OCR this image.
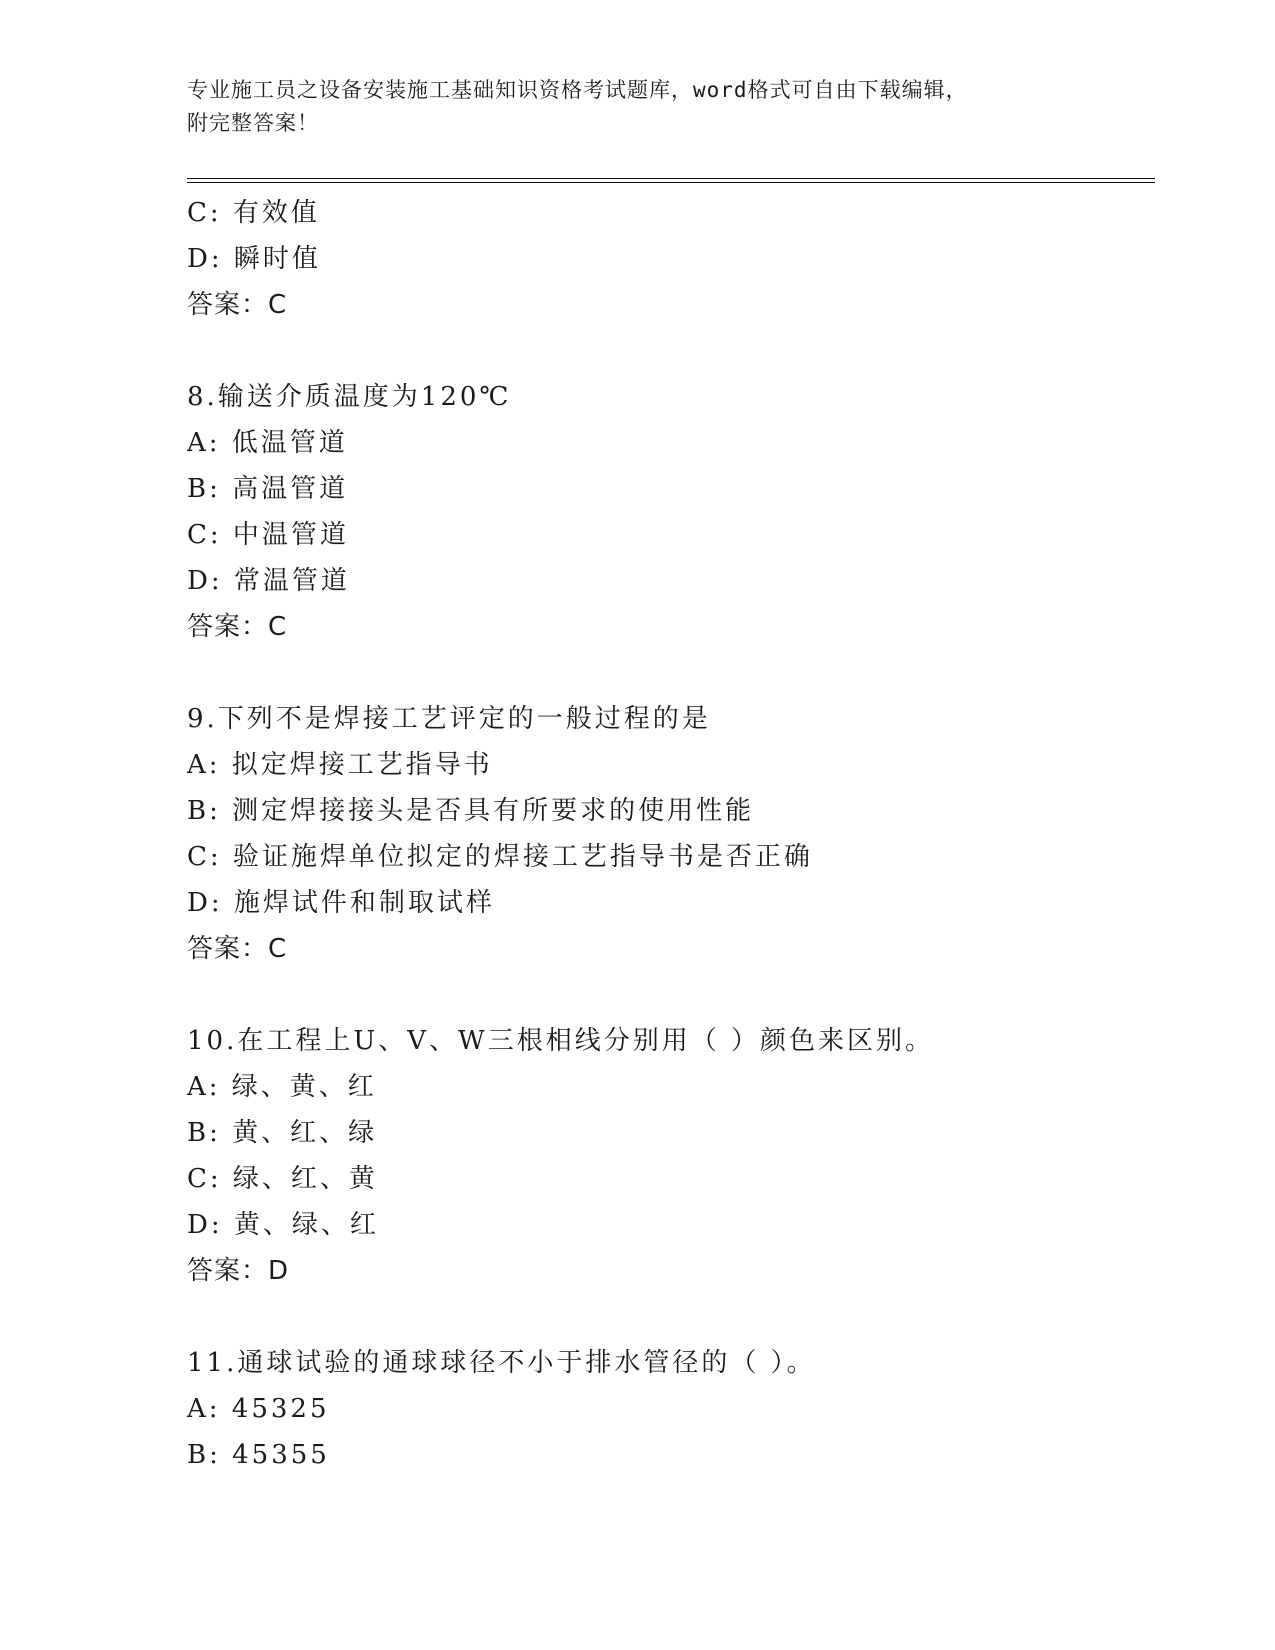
专业施工员之设备安装施工基础知识资格考试题库，word格式可自由下载编辑，
附完整答案！
C: 有效值
D: 瞬时值
答案：C
8.输送介质温度为120℃
A: 低温管道
B: 高温管道
C: 中温管道
D: 常温管道
答案：C
9.下列不是焊接工艺评定的一般过程的是
A: 拟定焊接工艺指导书
B: 测定焊接接头是否具有所要求的使用性能
C: 验证施焊单位拟定的焊接工艺指导书是否正确
D: 施焊试件和制取试样
答案：C
10.在工程上U、V、W三根相线分别用（ ）颜色来区别。
A: 绿、黄、红
B: 黄、红、绿
C: 绿、红、黄
D: 黄、绿、红
答案：D
11.通球试验的通球球径不小于排水管径的（ ）。
A: 45325
B: 45355
